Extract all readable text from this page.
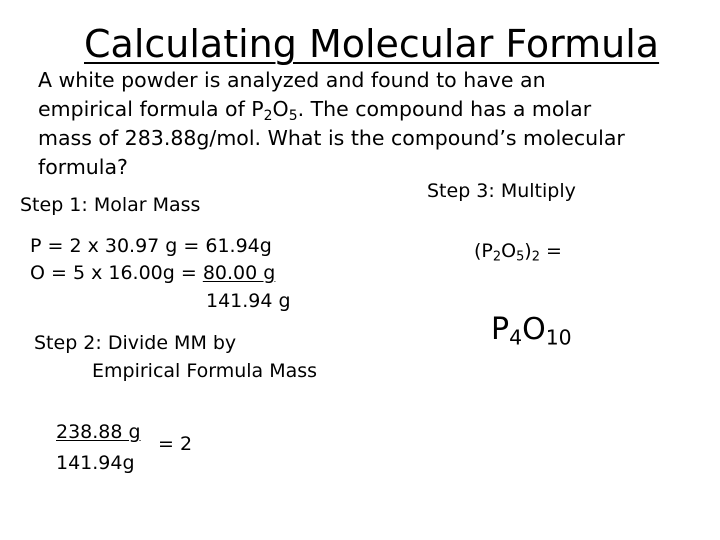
Calculating Molecular Formula

A white powder is analyzed and found to have an

empirical formula of $P_2O_5$. The compound has a molar

mass of 283.88g/mol. What is the compound’s molecular

formula?

Step 1: Molar Mass
P = 2 x 30.97 g = 61.94g
O = 5 x 16.00g = 80.00 g
141.94 g
Step 2: Divide MM by
Empirical Formula Mass
238.88 g
141.94g
= 2
Step 3: Multiply
$(P_2O_5)_2$ =
$P_4O_{10}$
